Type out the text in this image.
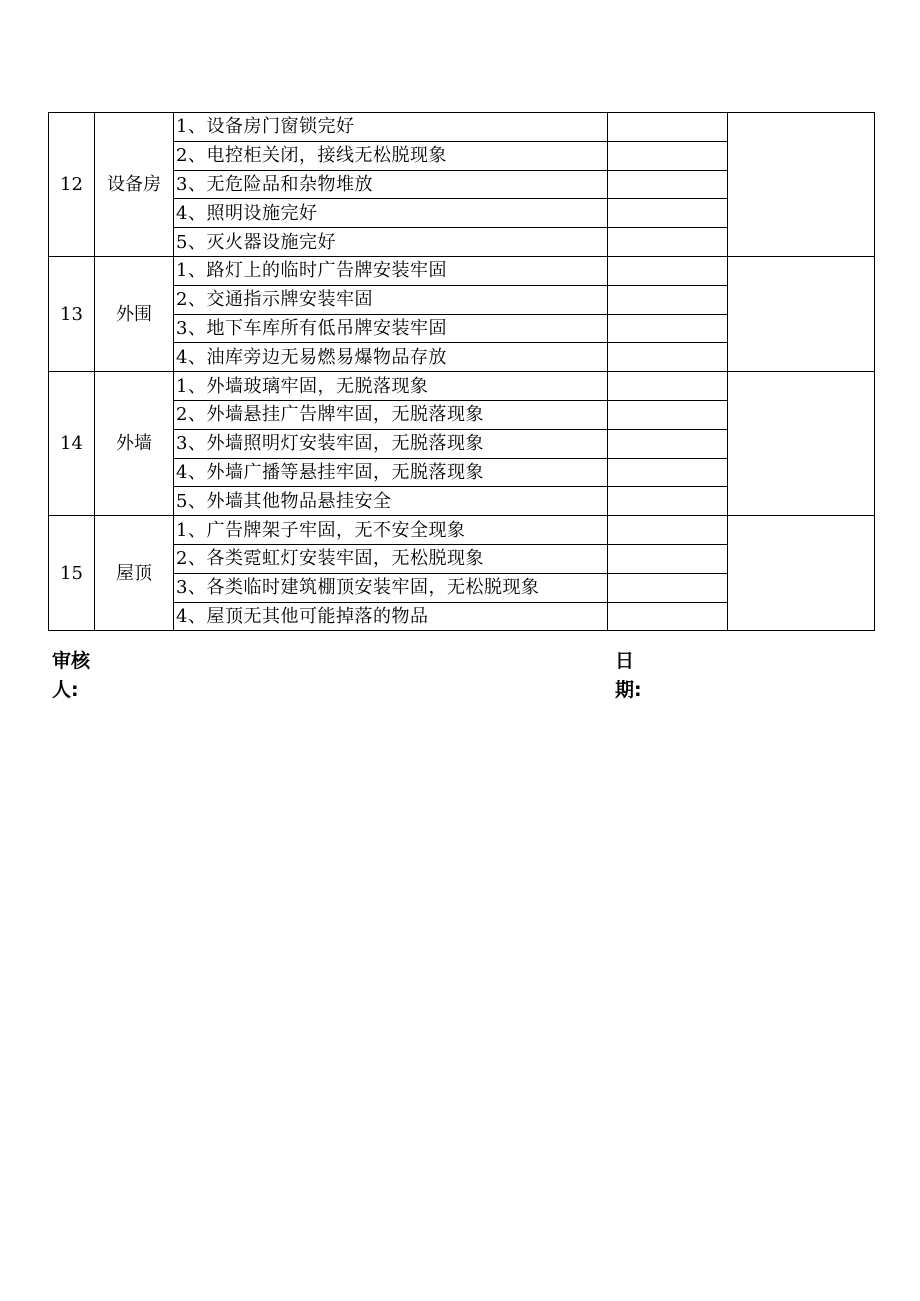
12	设备房	1、设备房门窗锁完好		
		2、电控柜关闭，接线无松脱现象		
		3、无危险品和杂物堆放		
		4、照明设施完好		
		5、灭火器设施完好		
13	外围	1、路灯上的临时广告牌安装牢固		
		2、交通指示牌安装牢固		
		3、地下车库所有低吊牌安装牢固		
		4、油库旁边无易燃易爆物品存放		
14	外墙	1、外墙玻璃牢固，无脱落现象		
		2、外墙悬挂广告牌牢固，无脱落现象		
		3、外墙照明灯安装牢固，无脱落现象		
		4、外墙广播等悬挂牢固，无脱落现象		
		5、外墙其他物品悬挂安全		
15	屋顶	1、广告牌架子牢固，无不安全现象		
		2、各类霓虹灯安装牢固，无松脱现象		
		3、各类临时建筑棚顶安装牢固，无松脱现象		
		4、屋顶无其他可能掉落的物品		
审核
人:
日
期:
